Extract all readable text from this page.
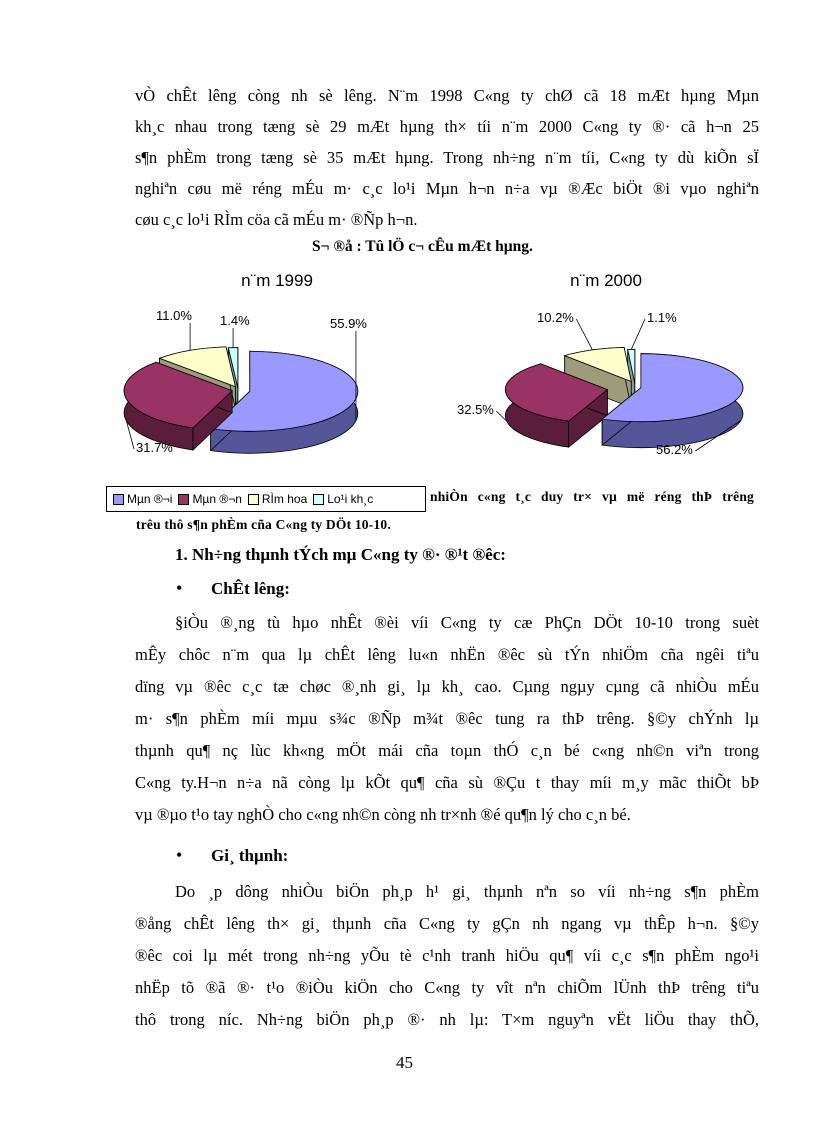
vÒ chÊt lêng còng nh sè lêng. N¨m 1998 C«ng ty chØ cã 18 mÆt hµng Mµn
kh¸c nhau trong tæng sè 29 mÆt hµng th× tíi n¨m 2000 C«ng ty ®· cã h¬n 25
s¶n phÈm trong tæng sè 35 mÆt hµng. Trong nh÷ng n¨m tíi, C«ng ty dù kiÕn sÏ
nghiªn cøu më réng mÉu m· c¸c lo¹i Mµn h¬n n÷a vµ ®Æc biÖt ®i vµo nghiªn
cøu c¸c lo¹i RÌm cöa cã mÉu m· ®Ñp h¬n.
S¬ ®å : Tû lÖ c¬ cÊu mÆt hµng.
n¨m 1999
55.9%
31.7%
11.0% 1.4%
n¨m 2000
56.2%
32.5%
10.2%	1.1%
Mµn ®¬i Mµn ®¬n RÌm hoa Lo¹i kh¸c	nhiÒn c«ng t¸c duy tr× vµ më réng thÞ trêng
trêu thô s¶n phÈm cña C«ng ty DÖt 10-10.
1. Nh÷ng thµnh tÝch mµ C«ng ty ®· ®¹t ®êc:
• ChÊt lêng:
§iÒu ®¸ng tù hµo nhÊt ®èi víi C«ng ty cæ PhÇn DÖt 10-10 trong suèt
mÊy chôc n¨m qua lµ chÊt lêng lu«n nhËn ®êc sù tÝn nhiÖm cña ngêi tiªu
dïng vµ ®êc c¸c tæ chøc ®¸nh gi¸ lµ kh¸ cao. Cµng ngµy cµng cã nhiÒu mÉu
m· s¶n phÈm míi mµu s¾c ®Ñp m¾t ®êc tung ra thÞ trêng. §©y chÝnh lµ
thµnh qu¶ nç lùc kh«ng mÖt mái cña toµn thÓ c¸n bé c«ng nh©n viªn trong
C«ng ty.H¬n n÷a nã còng lµ kÕt qu¶ cña sù ®Çu t thay míi m¸y mãc thiÕt bÞ
vµ ®µo t¹o tay nghÒ cho c«ng nh©n còng nh tr×nh ®é qu¶n lý cho c¸n bé.
• Gi¸ thµnh:
Do ¸p dông nhiÒu biÖn ph¸p h¹ gi¸ thµnh nªn so víi nh÷ng s¶n phÈm
®ång chÊt lêng th× gi¸ thµnh cña C«ng ty gÇn nh ngang vµ thÊp h¬n. §©y
®êc coi lµ mét trong nh÷ng yÕu tè c¹nh tranh hiÖu qu¶ víi c¸c s¶n phÈm ngo¹i
nhËp tõ ®ã ®· t¹o ®iÒu kiÖn cho C«ng ty vît nªn chiÕm lÜnh thÞ trêng tiªu
thô trong níc. Nh÷ng biÖn ph¸p ®· nh lµ: T×m nguyªn vËt liÖu thay thÕ,
45
